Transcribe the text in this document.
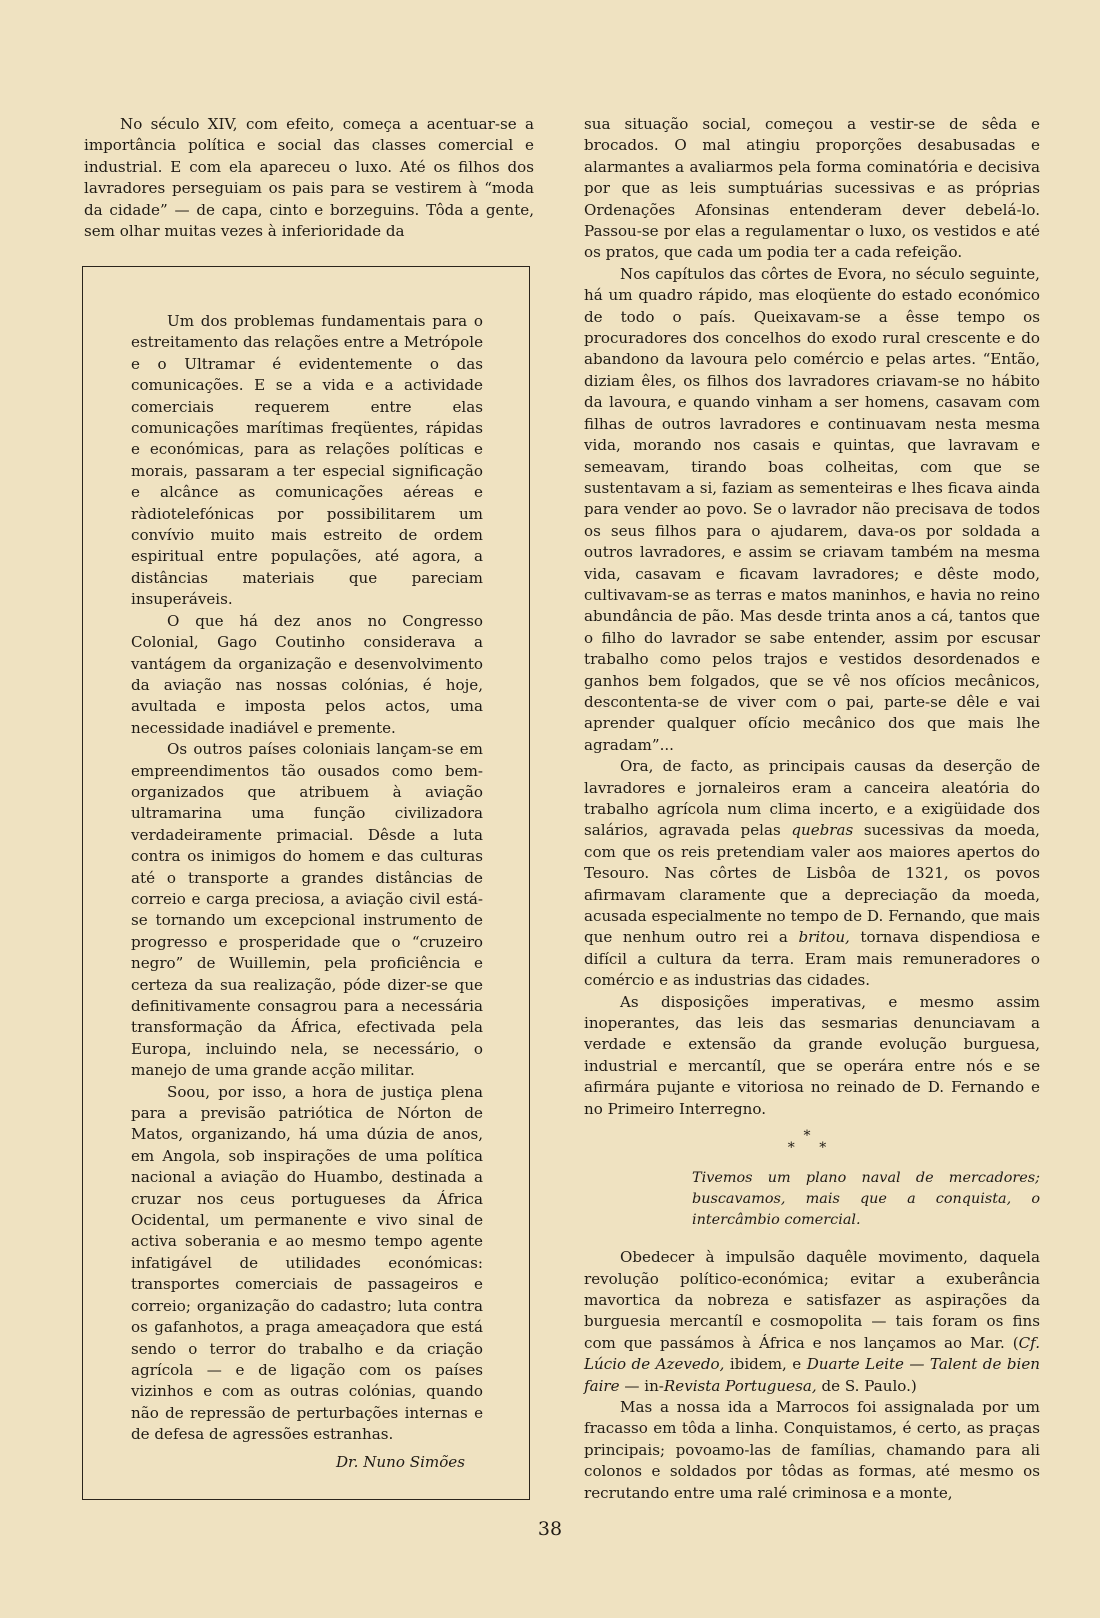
No século XIV, com efeito, começa a acentuar-se a importância política e social das classes comercial e industrial. E com ela apareceu o luxo. Até os filhos dos lavradores perseguiam os pais para se vestirem à “moda da cidade” — de capa, cinto e borzeguins. Tôda a gente, sem olhar muitas vezes à inferioridade da

Um dos problemas fundamentais para o estreitamento das relações entre a Metrópole e o Ultramar é evidentemente o das comunicações. E se a vida e a actividade comerciais requerem entre elas comunicações marítimas freqüentes, rápidas e económicas, para as relações políticas e morais, passaram a ter especial significação e alcânce as comunicações aéreas e ràdiotelefónicas por possibilitarem um convívio muito mais estreito de ordem espiritual entre populações, até agora, a distâncias materiais que pareciam insuperáveis.

O que há dez anos no Congresso Colonial, Gago Coutinho considerava a vantágem da organização e desenvolvimento da aviação nas nossas colónias, é hoje, avultada e imposta pelos actos, uma necessidade inadiável e premente.

Os outros países coloniais lançam-se em empreendimentos tão ousados como bem-organizados que atribuem à aviação ultramarina uma função civilizadora verdadeiramente primacial. Dêsde a luta contra os inimigos do homem e das culturas até o transporte a grandes distâncias de correio e carga preciosa, a aviação civil está-se tornando um excepcional instrumento de progresso e prosperidade que o “cruzeiro negro” de Wuillemin, pela proficiência e certeza da sua realização, póde dizer-se que definitivamente consagrou para a necessária transformação da África, efectivada pela Europa, incluindo nela, se necessário, o manejo de uma grande acção militar.

Soou, por isso, a hora de justiça plena para a previsão patriótica de Nórton de Matos, organizando, há uma dúzia de anos, em Angola, sob inspirações de uma política nacional a aviação do Huambo, destinada a cruzar nos ceus portugueses da África Ocidental, um permanente e vivo sinal de activa soberania e ao mesmo tempo agente infatigável de utilidades económicas: transportes comerciais de passageiros e correio; organização do cadastro; luta contra os gafanhotos, a praga ameaçadora que está sendo o terror do trabalho e da criação agrícola — e de ligação com os países vizinhos e com as outras colónias, quando não de repressão de perturbações internas e de defesa de agressões estranhas.

Dr. Nuno Simões

sua situação social, começou a vestir-se de sêda e brocados. O mal atingiu proporções desabusadas e alarmantes a avaliarmos pela forma cominatória e decisiva por que as leis sumptuárias sucessivas e as próprias Ordenações Afonsinas entenderam dever debelá-lo. Passou-se por elas a regulamentar o luxo, os vestidos e até os pratos, que cada um podia ter a cada refeição.

Nos capítulos das côrtes de Evora, no século seguinte, há um quadro rápido, mas eloqüente do estado económico de todo o país. Queixavam-se a êsse tempo os procuradores dos concelhos do exodo rural crescente e do abandono da lavoura pelo comércio e pelas artes. “Então, diziam êles, os filhos dos lavradores criavam-se no hábito da lavoura, e quando vinham a ser homens, casavam com filhas de outros lavradores e continuavam nesta mesma vida, morando nos casais e quintas, que lavravam e semeavam, tirando boas colheitas, com que se sustentavam a si, faziam as sementeiras e lhes ficava ainda para vender ao povo. Se o lavrador não precisava de todos os seus filhos para o ajudarem, dava-os por soldada a outros lavradores, e assim se criavam também na mesma vida, casavam e ficavam lavradores; e dêste modo, cultivavam-se as terras e matos maninhos, e havia no reino abundância de pão. Mas desde trinta anos a cá, tantos que o filho do lavrador se sabe entender, assim por escusar trabalho como pelos trajos e vestidos desordenados e ganhos bem folgados, que se vê nos ofícios mecânicos, descontenta-se de viver com o pai, parte-se dêle e vai aprender qualquer ofício mecânico dos que mais lhe agradam”...

Ora, de facto, as principais causas da deserção de lavradores e jornaleiros eram a canceira aleatória do trabalho agrícola num clima incerto, e a exigüidade dos salários, agravada pelas quebras sucessivas da moeda, com que os reis pretendiam valer aos maiores apertos do Tesouro. Nas côrtes de Lisbôa de 1321, os povos afirmavam claramente que a depreciação da moeda, acusada especialmente no tempo de D. Fernando, que mais que nenhum outro rei a britou, tornava dispendiosa e difícil a cultura da terra. Eram mais remuneradores o comércio e as industrias das cidades.

As disposições imperativas, e mesmo assim inoperantes, das leis das sesmarias denunciavam a verdade e extensão da grande evolução burguesa, industrial e mercantíl, que se operára entre nós e se afirmára pujante e vitoriosa no reinado de D. Fernando e no Primeiro Interregno.

*
* *

Tivemos um plano naval de mercadores; buscavamos, mais que a conquista, o intercâmbio comercial.

Obedecer à impulsão daquêle movimento, daquela revolução político-económica; evitar a exuberância mavortica da nobreza e satisfazer as aspirações da burguesia mercantíl e cosmopolita — tais foram os fins com que passámos à África e nos lançamos ao Mar. (Cf. Lúcio de Azevedo, ibidem, e Duarte Leite — Talent de bien faire — in-Revista Portuguesa, de S. Paulo.)

Mas a nossa ida a Marrocos foi assignalada por um fracasso em tôda a linha. Conquistamos, é certo, as praças principais; povoamo-las de famílias, chamando para ali colonos e soldados por tôdas as formas, até mesmo os recrutando entre uma ralé criminosa e a monte,

38
